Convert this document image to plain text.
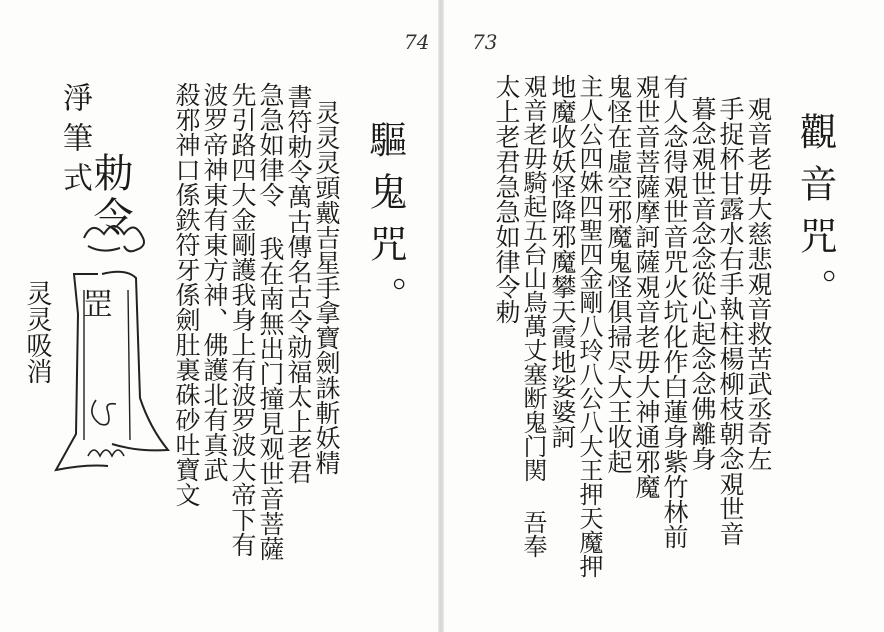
74
淨筆式
勅令
罡
灵灵吸消
驅鬼咒。
灵灵灵頭戴吉星手拿寶劍誅斬妖精
書符勅令萬古傳名古令勍福太上老君
急急如律令 我在南無出门撞見观世音菩薩
先引路四大金剛護我身上有波罗波大帝下有
波罗帝神東有東方神、佛護北有真武
殺邪神口係鉄符牙係劍肚裏硃砂吐寶文
73
觀音咒。
覌音老毋大慈悲覌音救苦武丞奇左
手捉杯甘露水右手執柱楊柳枝朝念覌世音
暮念覌世音念念從心起念念佛離身
有人念得覌世音咒火坑化作白蓮身紫竹林前
覌世音菩薩摩訶薩覌音老毋大神通邪魔
鬼怪在虛空邪魔鬼怪俱掃尽大王收起
主人公四姝四聖四金剛八玲八公八大王押天魔押
地魔收妖怪降邪魔攀天霞地娑婆訶
覌音老毋騎起五台山鳥萬丈塞断鬼门関 吾奉
太上老君急急如律令勅
